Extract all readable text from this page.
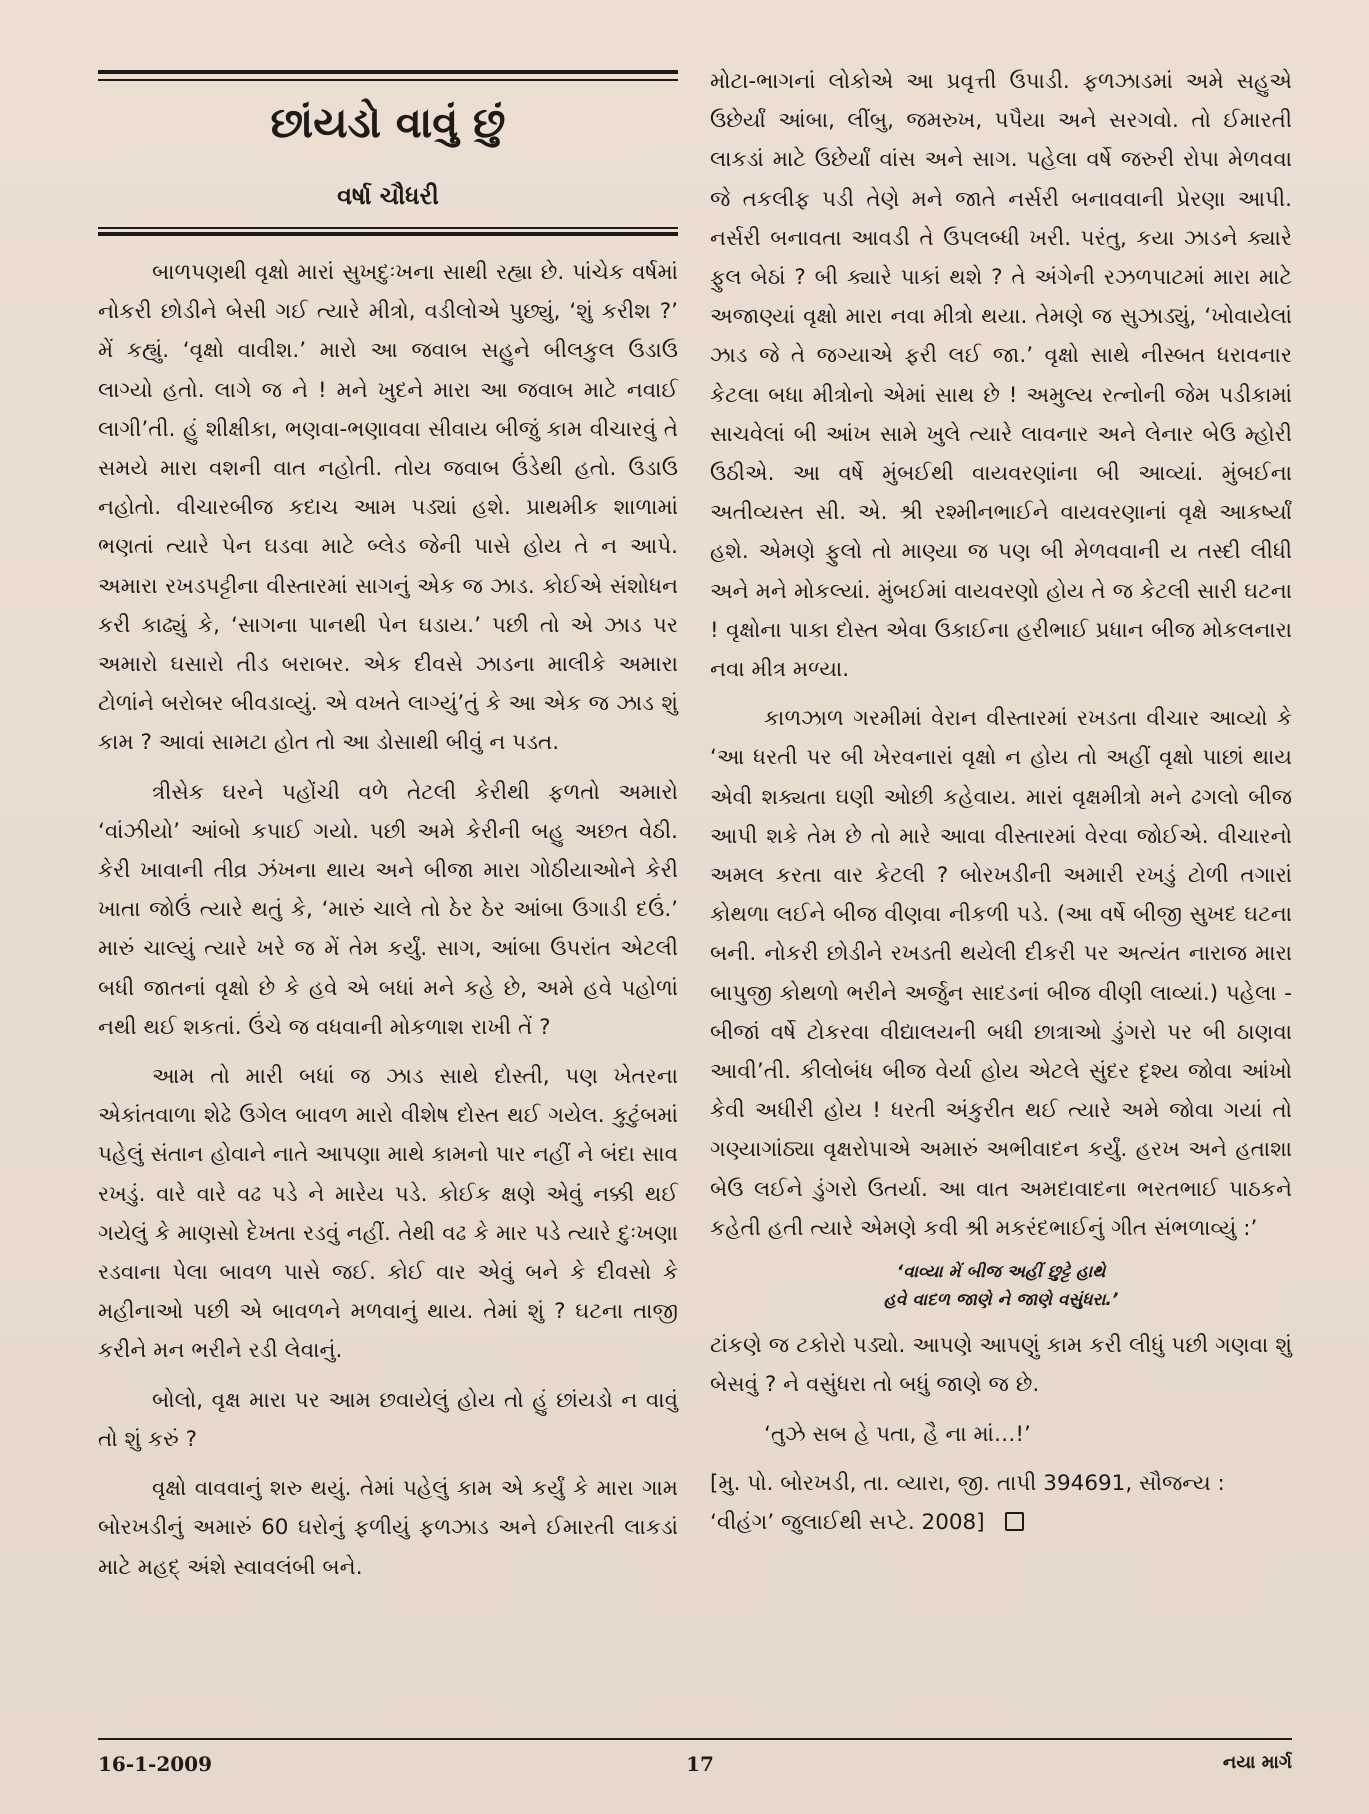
છાંયડો વાવું છું
વર્ષા ચૌધરી

બાળપણથી વૃક્ષો મારાં સુખદુઃખના સાથી રહ્યા છે. પાંચેક વર્ષમાં નોકરી છોડીને બેસી ગઈ ત્યારે મીત્રો, વડીલોએ પુછ્યું, ‘શું કરીશ ?’ મેં કહ્યું. ‘વૃક્ષો વાવીશ.’ મારો આ જવાબ સહુને બીલકુલ ઉડાઉ લાગ્યો હતો. લાગે જ ને ! મને ખુદને મારા આ જવાબ માટે નવાઈ લાગી’તી. હું શીક્ષીકા, ભણવા-ભણાવવા સીવાય બીજું કામ વીચારવું તે સમયે મારા વશની વાત નહોતી. તોય જવાબ ઉંડેથી હતો. ઉડાઉ નહોતો. વીચારબીજ કદાચ આમ પડ્યાં હશે. પ્રાથમીક શાળામાં ભણતાં ત્યારે પેન ઘડવા માટે બ્લેડ જેની પાસે હોય તે ન આપે. અમારા રખડપટ્ટીના વીસ્તારમાં સાગનું એક જ ઝાડ. કોઈએ સંશોધન કરી કાઢ્યું કે, ‘સાગના પાનથી પેન ઘડાય.’ પછી તો એ ઝાડ પર અમારો ઘસારો તીડ બરાબર. એક દીવસે ઝાડના માલીકે અમારા ટોળાંને બરોબર બીવડાવ્યું. એ વખતે લાગ્યું’તું કે આ એક જ ઝાડ શું કામ ? આવાં સામટા હોત તો આ ડોસાથી બીવું ન પડત.

ત્રીસેક ઘરને પહોંચી વળે તેટલી કેરીથી ફળતો અમારો ‘વાંઝીયો’ આંબો કપાઈ ગયો. પછી અમે કેરીની બહુ અછત વેઠી. કેરી ખાવાની તીવ્ર ઝંખના થાય અને બીજા મારા ગોઠીયાઓને કેરી ખાતા જોઉં ત્યારે થતું કે, ‘મારું ચાલે તો ઠેર ઠેર આંબા ઉગાડી દઉં.’ મારું ચાલ્યું ત્યારે ખરે જ મેં તેમ કર્યું. સાગ, આંબા ઉપરાંત એટલી બધી જાતનાં વૃક્ષો છે કે હવે એ બધાં મને કહે છે, અમે હવે પહોળાં નથી થઈ શકતાં. ઉંચે જ વધવાની મોકળાશ રાખી તેં ?

આમ તો મારી બધાં જ ઝાડ સાથે દોસ્તી, પણ ખેતરના એકાંતવાળા શેઢે ઉગેલ બાવળ મારો વીશેષ દોસ્ત થઈ ગયેલ. કુટુંબમાં પહેલું સંતાન હોવાને નાતે આપણા માથે કામનો પાર નહીં ને બંદા સાવ રખડું. વારે વારે વઢ પડે ને મારેય પડે. કોઈક ક્ષણે એવું નક્કી થઈ ગયેલું કે માણસો દેખતા રડવું નહીં. તેથી વઢ કે માર પડે ત્યારે દુઃખણા રડવાના પેલા બાવળ પાસે જઈ. કોઈ વાર એવું બને કે દીવસો કે મહીનાઓ પછી એ બાવળને મળવાનું થાય. તેમાં શું ? ઘટના તાજી કરીને મન ભરીને રડી લેવાનું.

બોલો, વૃક્ષ મારા પર આમ છવાયેલું હોય તો હું છાંયડો ન વાવું તો શું કરું ?

વૃક્ષો વાવવાનું શરુ થયું. તેમાં પહેલું કામ એ કર્યું કે મારા ગામ બોરખડીનું અમારું 60 ઘરોનું ફળીયું ફળઝાડ અને ઈમારતી લાકડાં માટે મહદ્ અંશે સ્વાવલંબી બને.

મોટા-ભાગનાં લોકોએ આ પ્રવૃત્તી ઉપાડી. ફળઝાડમાં અમે સહુએ ઉછેર્યાં આંબા, લીંબુ, જમરુખ, પપૈયા અને સરગવો. તો ઈમારતી લાકડાં માટે ઉછેર્યાં વાંસ અને સાગ. પહેલા વર્ષે જરુરી રોપા મેળવવા જે તકલીફ પડી તેણે મને જાતે નર્સરી બનાવવાની પ્રેરણા આપી. નર્સરી બનાવતા આવડી તે ઉપલબ્ધી ખરી. પરંતુ, કયા ઝાડને ક્યારે ફુલ બેઠાં ? બી ક્યારે પાકાં થશે ? તે અંગેની રઝળપાટમાં મારા માટે અજાણ્યાં વૃક્ષો મારા નવા મીત્રો થયા. તેમણે જ સુઝાડ્યું, ‘ખોવાયેલાં ઝાડ જે તે જગ્યાએ ફરી લઈ જા.’ વૃક્ષો સાથે નીસ્બત ધરાવનાર કેટલા બધા મીત્રોનો એમાં સાથ છે ! અમુલ્ય રત્નોની જેમ પડીકામાં સાચવેલાં બી આંખ સામે ખુલે ત્યારે લાવનાર અને લેનાર બેઉ મ્હોરી ઉઠીએ. આ વર્ષે મુંબઈથી વાયવરણાંના બી આવ્યાં. મુંબઈના અતીવ્યસ્ત સી. એ. શ્રી રશ્મીનભાઈને વાયવરણાનાં વૃક્ષે આકર્ષ્યાં હશે. એમણે ફુલો તો માણ્યા જ પણ બી મેળવવાની ય તસ્દી લીધી અને મને મોકલ્યાં. મુંબઈમાં વાયવરણો હોય તે જ કેટલી સારી ઘટના ! વૃક્ષોના પાકા દોસ્ત એવા ઉકાઈના હરીભાઈ પ્રધાન બીજ મોકલનારા નવા મીત્ર મળ્યા.

કાળઝાળ ગરમીમાં વેરાન વીસ્તારમાં રખડતા વીચાર આવ્યો કે ‘આ ધરતી પર બી ખેરવનારાં વૃક્ષો ન હોય તો અહીં વૃક્ષો પાછાં થાય એવી શક્યતા ઘણી ઓછી કહેવાય. મારાં વૃક્ષમીત્રો મને ઢગલો બીજ આપી શકે તેમ છે તો મારે આવા વીસ્તારમાં વેરવા જોઈએ. વીચારનો અમલ કરતા વાર કેટલી ? બોરખડીની અમારી રખડું ટોળી તગારાં કોથળા લઈને બીજ વીણવા નીકળી પડે. (આ વર્ષે બીજી સુખદ ઘટના બની. નોકરી છોડીને રખડતી થયેલી દીકરી પર અત્યંત નારાજ મારા બાપુજી કોથળો ભરીને અર્જુન સાદડનાં બીજ વીણી લાવ્યાં.) પહેલા - બીજાં વર્ષે ટોકરવા વીદ્યાલયની બધી છાત્રાઓ ડુંગરો પર બી ઠાણવા આવી’તી. કીલોબંધ બીજ વેર્યા હોય એટલે સુંદર દૃશ્ય જોવા આંખો કેવી અધીરી હોય ! ધરતી અંકુરીત થઈ ત્યારે અમે જોવા ગયાં તો ગણ્યાગાંઠ્યા વૃક્ષરોપાએ અમારું અભીવાદન કર્યું. હરખ અને હતાશા બેઉ લઈને ડુંગરો ઉતર્યા. આ વાત અમદાવાદના ભરતભાઈ પાઠકને કહેતી હતી ત્યારે એમણે કવી શ્રી મકરંદભાઈનું ગીત સંભળાવ્યું :’

‘વાવ્યા મેં બીજ અહીં છુટ્ટે હાથે
હવે વાદળ જાણે ને જાણે વસુંધરા.’

ટાંકણે જ ટકોરો પડ્યો. આપણે આપણું કામ કરી લીધું પછી ગણવા શું બેસવું ? ને વસુંધરા તો બધું જાણે જ છે.

‘તુઝે સબ હે પતા, હૈ ના માં…!’

[મુ. પો. બોરખડી, તા. વ્યારા, જી. તાપી 394691, સૌજન્ય :

‘વીહંગ’ જુલાઈથી સપ્ટે. 2008]

16-1-2009	17	નયા માર્ગ
